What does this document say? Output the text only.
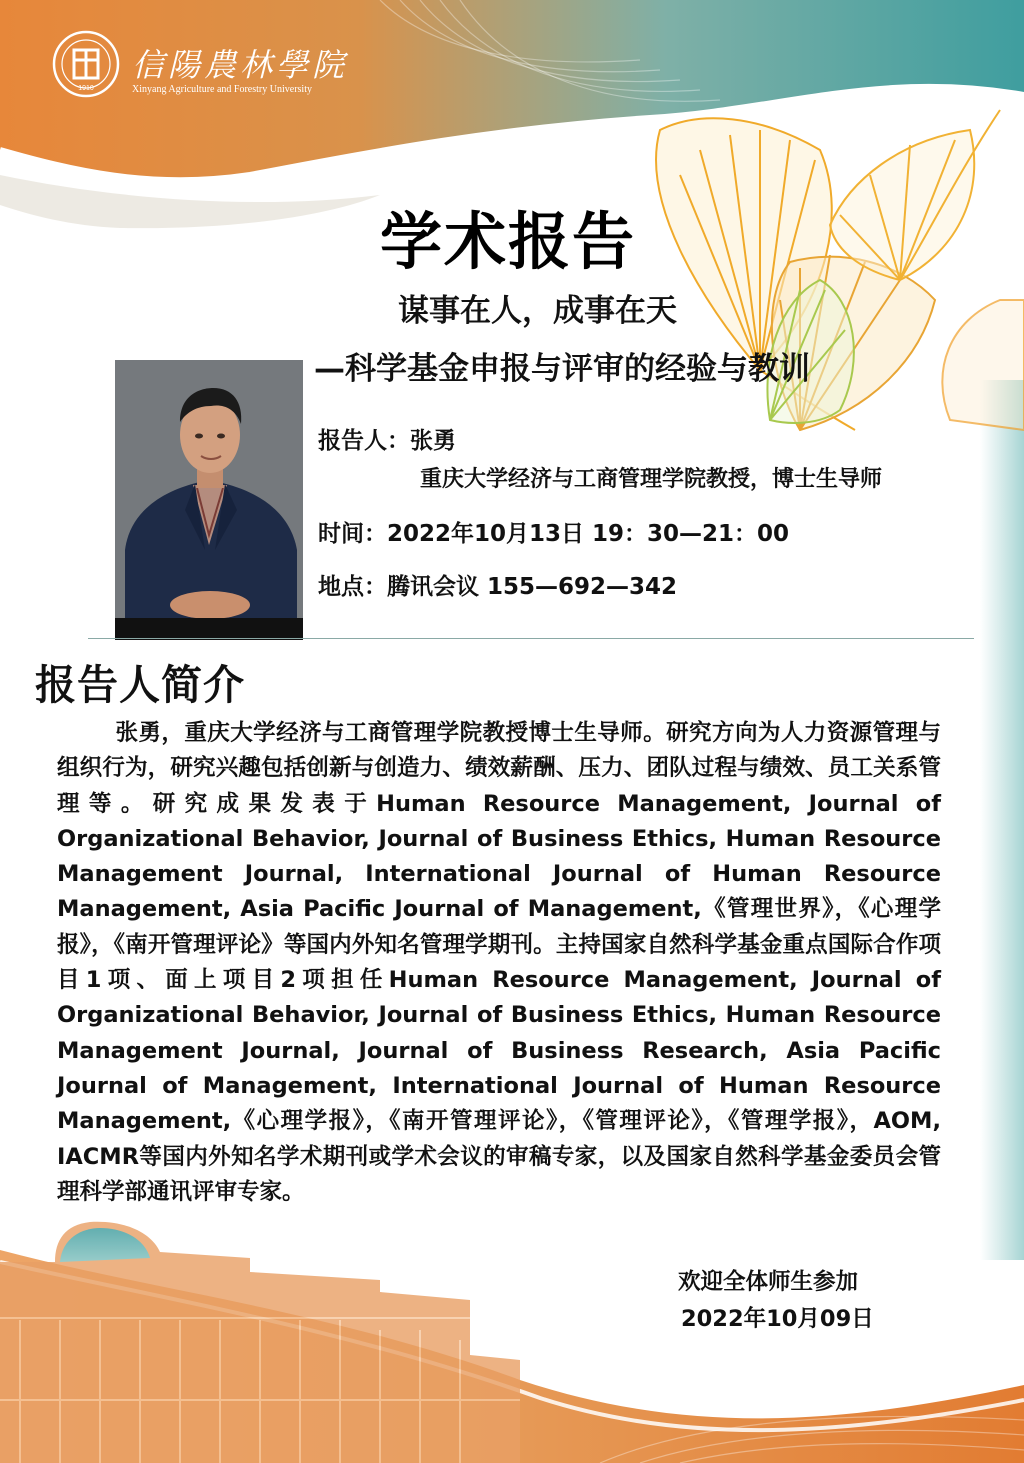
1910
信陽農林學院
Xinyang Agriculture and Forestry University
学术报告
谋事在人，成事在天
—科学基金申报与评审的经验与教训
报告人：张勇
重庆大学经济与工商管理学院教授，博士生导师
时间：2022年10月13日 19：30—21：00
地点：腾讯会议 155—692—342
报告人简介
张勇，重庆大学经济与工商管理学院教授博士生导师。研究方向为人力资源管理与组织行为，研究兴趣包括创新与创造力、绩效薪酬、压力、团队过程与绩效、员工关系管理等。研究成果发表于Human Resource Management, Journal of Organizational Behavior, Journal of Business Ethics, Human Resource Management Journal, International Journal of Human Resource Management, Asia Pacific Journal of Management,《管理世界》，《心理学报》，《南开管理评论》等国内外知名管理学期刊。主持国家自然科学基金重点国际合作项目1项、面上项目2项担任Human Resource Management, Journal of Organizational Behavior, Journal of Business Ethics, Human Resource Management Journal, Journal of Business Research, Asia Pacific Journal of Management, International Journal of Human Resource Management,《心理学报》，《南开管理评论》，《管理评论》，《管理学报》，AOM, IACMR等国内外知名学术期刊或学术会议的审稿专家，以及国家自然科学基金委员会管理科学部通讯评审专家。
欢迎全体师生参加
2022年10月09日
